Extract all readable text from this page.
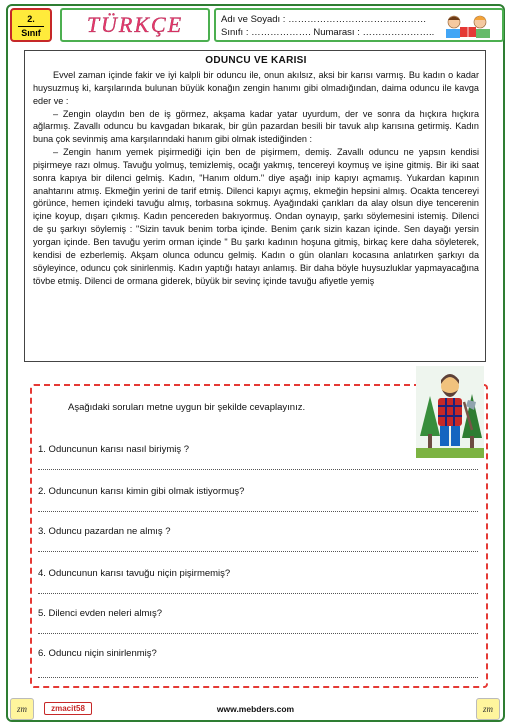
2.
Sınıf	TÜRKÇE	Adı ve Soyadı : ……………………………..………
Sınıfı : ………………. Numarası : …………………..
ODUNCU VE KARISI

Evvel zaman içinde fakir ve iyi kalpli bir oduncu ile, onun akılsız, aksi bir karısı varmış. Bu kadın o kadar huysuzmuş ki, karşılarında bulunan büyük konağın zengin hanımı gibi olmadığından, daima oduncu ile kavga eder ve :

– Zengin olaydın ben de iş görmez, akşama kadar yatar uyurdum, der ve sonra da hıçkıra hıçkıra ağlarmış. Zavallı oduncu bu kavgadan bıkarak, bir gün pazardan besili bir tavuk alıp karısına getirmiş. Kadın buna çok sevinmiş ama karşılarındaki hanım gibi olmak istediğinden :

– Zengin hanım yemek pişirmediği için ben de pişirmem, demiş. Zavallı oduncu ne yapsın kendisi pişirmeye razı olmuş. Tavuğu yolmuş, temizlemiş, ocağı yakmış, tencereyi koymuş ve işine gitmiş. Bir iki saat sonra kapıya bir dilenci gelmiş. Kadın, "Hanım oldum." diye aşağı inip kapıyı açmamış. Yukardan kapının anahtarını atmış. Ekmeğin yerini de tarif etmiş. Dilenci kapıyı açmış, ekmeğin hepsini almış. Ocakta tencereyi görünce, hemen içindeki tavuğu almış, torbasına sokmuş. Ayağındaki çarıkları da alay olsun diye tencerenin içine koyup, dışarı çıkmış. Kadın pencereden bakıyormuş. Ondan oynayıp, şarkı söylemesini istemiş. Dilenci de şu şarkıyı söylemiş : "Sizin tavuk benim torba içinde. Benim çarık sizin kazan içinde. Sen dayağı yersin yorgan içinde. Ben tavuğu yerim orman içinde " Bu şarkı kadının hoşuna gitmiş, birkaç kere daha söyleterek, kendisi de ezberlemiş. Akşam olunca oduncu gelmiş. Kadın o gün olanları kocasına anlatırken şarkıyı da söyleyince, oduncu çok sinirlenmiş. Kadın yaptığı hatayı anlamış. Bir daha böyle huysuzluklar yapmayacağına tövbe etmiş. Dilenci de ormana giderek, büyük bir sevinç içinde tavuğu afiyetle yemiş

Aşağıdaki soruları metne uygun bir şekilde cevaplayınız.
1. Oduncunun karısı nasıl biriymiş ?
2. Oduncunun karısı kimin gibi olmak istiyormuş?
3. Oduncu pazardan ne almış ?
4. Oduncunun karısı tavuğu niçin pişirmemiş?
5. Dilenci evden neleri almış?
6. Oduncu niçin sinirlenmiş?
zm	zmacit58	www.mebders.com	zm
